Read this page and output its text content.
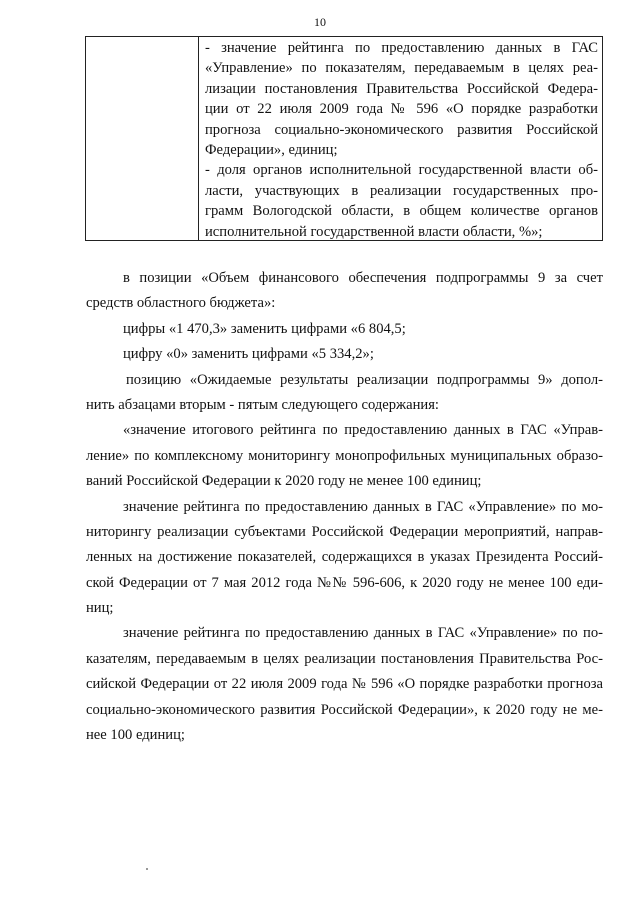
10
- значение рейтинга по предоставлению данных в ГАС
«Управление» по показателям, передаваемым в целях реа-
лизации постановления Правительства Российской Федера-
ции от 22 июля 2009 года № 596 «О порядке разработки
прогноза социально-экономического развития Российской
Федерации», единиц;
- доля органов исполнительной государственной власти об-
ласти, участвующих в реализации государственных про-
грамм Вологодской области, в общем количестве органов
исполнительной государственной власти области, %»;
в позиции «Объем финансового обеспечения подпрограммы 9 за счет
средств областного бюджета»:
цифры «1 470,3» заменить цифрами «6 804,5;
цифру «0» заменить цифрами «5 334,2»;
позицию «Ожидаемые результаты реализации подпрограммы 9» допол-
нить абзацами вторым - пятым следующего содержания:
«значение итогового рейтинга по предоставлению данных в ГАС «Управ-
ление» по комплексному мониторингу монопрофильных муниципальных образо-
ваний Российской Федерации к 2020 году не менее 100 единиц;
значение рейтинга по предоставлению данных в ГАС «Управление» по мо-
ниторингу реализации субъектами Российской Федерации мероприятий, направ-
ленных на достижение показателей, содержащихся в указах Президента Россий-
ской Федерации от 7 мая 2012 года №№ 596-606, к 2020 году не менее 100 еди-
ниц;
значение рейтинга по предоставлению данных в ГАС «Управление» по по-
казателям, передаваемым в целях реализации постановления Правительства Рос-
сийской Федерации от 22 июля 2009 года № 596 «О порядке разработки прогноза
социально-экономического развития Российской Федерации», к 2020 году не ме-
нее 100 единиц;
